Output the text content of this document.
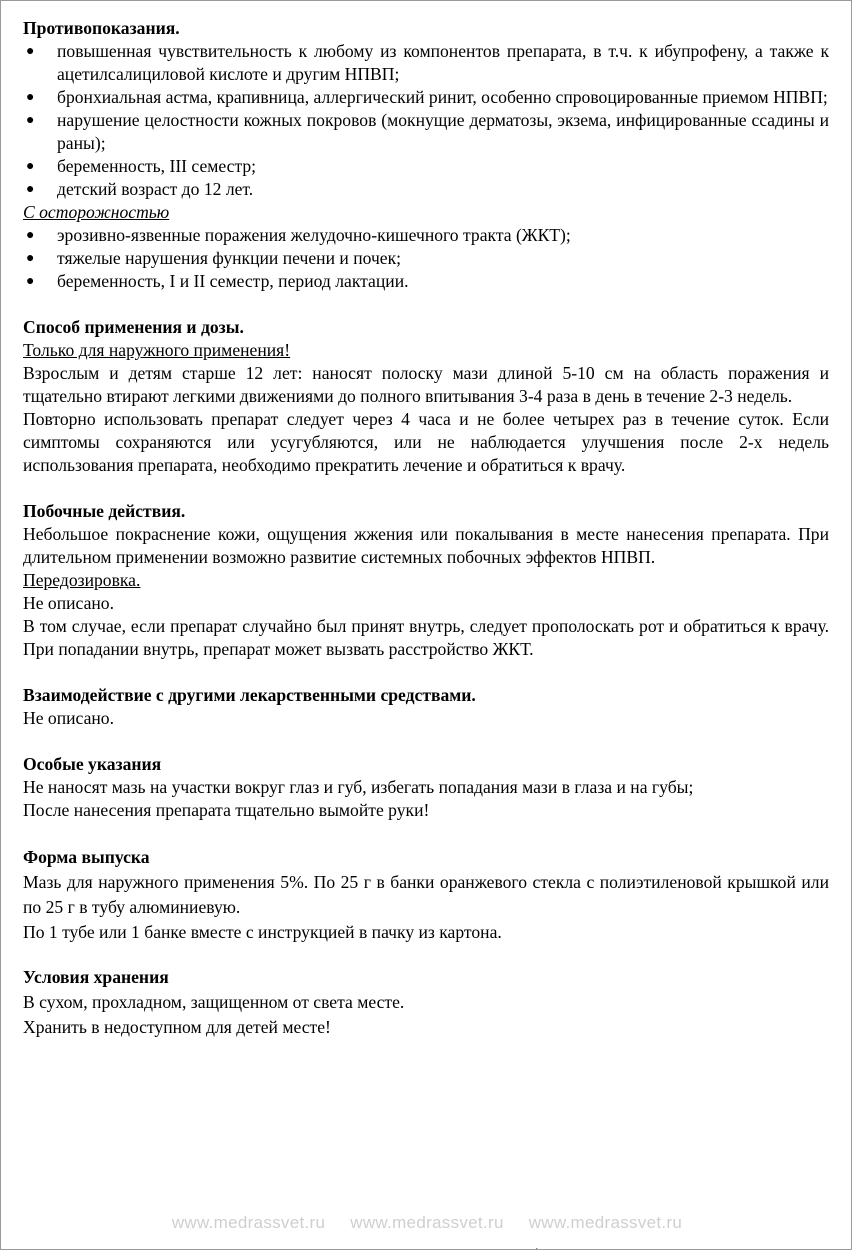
Противопоказания.

● повышенная чувствительность к любому из компонентов препарата, в т.ч. к ибупрофену, а также к ацетилсалициловой кислоте и другим НПВП;
● бронхиальная астма, крапивница, аллергический ринит, особенно спровоцированные приемом НПВП;
● нарушение целостности кожных покровов (мокнущие дерматозы, экзема, инфицированные ссадины и раны);
● беременность, III семестр;
● детский возраст до 12 лет.

С осторожностью

● эрозивно-язвенные поражения желудочно-кишечного тракта (ЖКТ);
● тяжелые нарушения функции печени и почек;
● беременность, I и II семестр, период лактации.

Способ применения и дозы.

Только для наружного применения!

Взрослым и детям старше 12 лет: наносят полоску мази длиной 5-10 см на область поражения и тщательно втирают легкими движениями до полного впитывания 3-4 раза в день в течение 2-3 недель.

Повторно использовать препарат следует через 4 часа и не более четырех раз в течение суток. Если симптомы сохраняются или усугубляются, или не наблюдается улучшения после 2-х недель использования препарата, необходимо прекратить лечение и обратиться к врачу.

Побочные действия.

Небольшое покраснение кожи, ощущения жжения или покалывания в месте нанесения препарата. При длительном применении возможно развитие системных побочных эффектов НПВП.

Передозировка.

Не описано.

В том случае, если препарат случайно был принят внутрь, следует прополоскать рот и обратиться к врачу. При попадании внутрь, препарат может вызвать расстройство ЖКТ.

Взаимодействие с другими лекарственными средствами.

Не описано.

Особые указания

Не наносят мазь на участки вокруг глаз и губ, избегать попадания мази в глаза и на губы;

После нанесения препарата тщательно вымойте руки!

Форма выпуска

Мазь для наружного применения 5%. По 25 г в банки оранжевого стекла с полиэтиленовой крышкой или по 25 г в тубу алюминиевую.

По 1 тубе или 1 банке вместе с инструкцией в пачку из картона.

Условия хранения

В сухом, прохладном, защищенном от света месте.

Хранить в недоступном для детей месте!

www.medrassvet.ru www.medrassvet.ru www.medrassvet.ru
.
